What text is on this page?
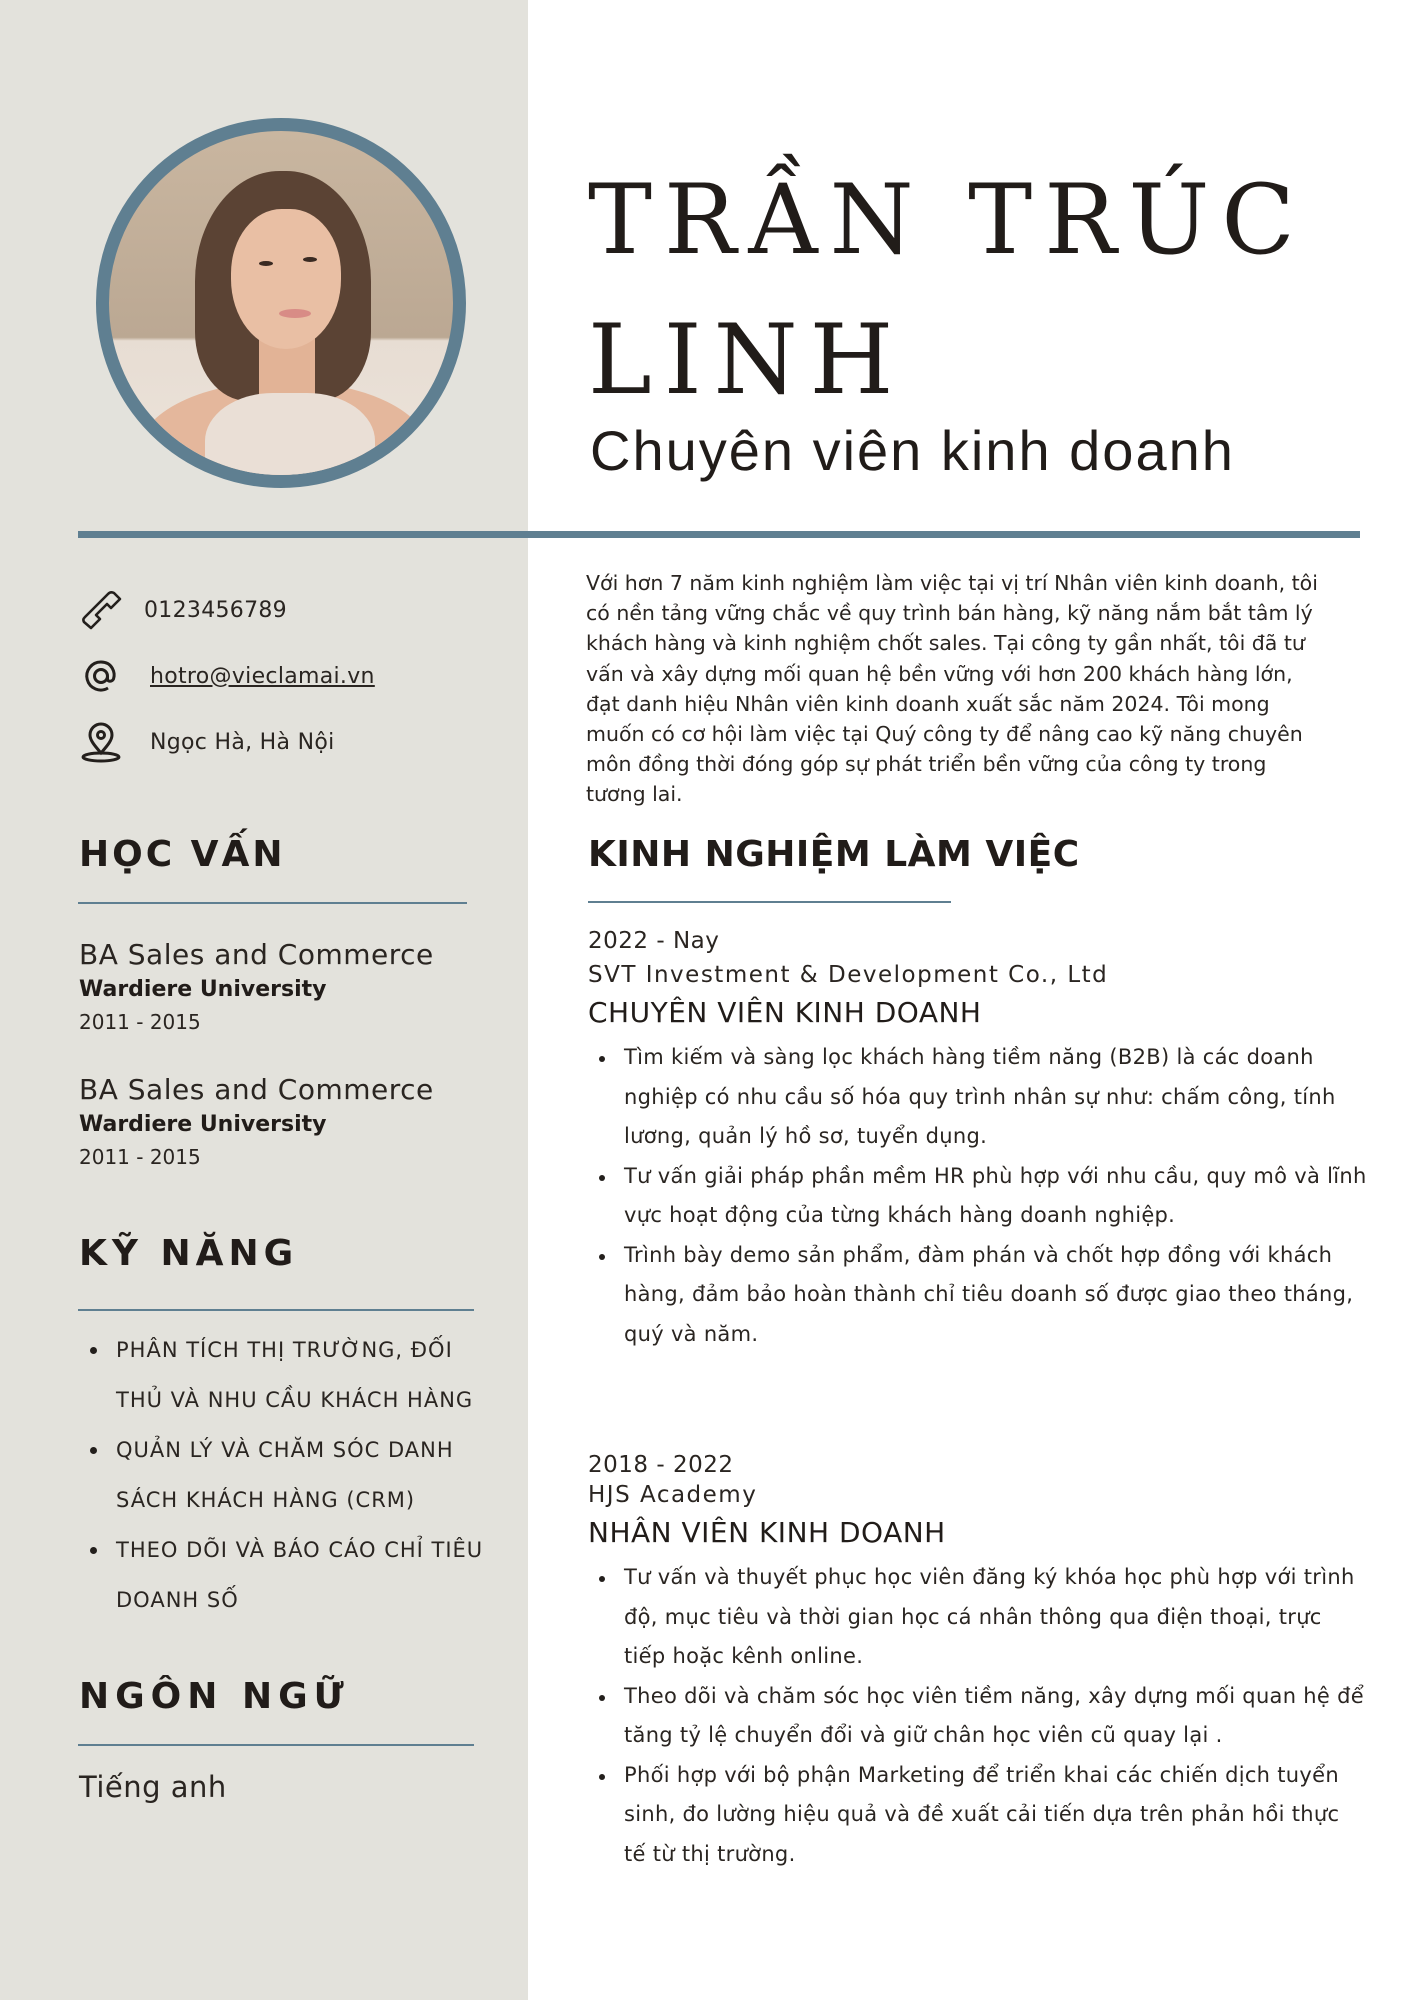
TRẦN TRÚC
LINH
Chuyên viên kinh doanh
0123456789
hotro@vieclamai.vn
Ngọc Hà, Hà Nội
HỌC VẤN
BA Sales and Commerce
Wardiere University
2011 - 2015
BA Sales and Commerce
Wardiere University
2011 - 2015
KỸ NĂNG
PHÂN TÍCH THỊ TRƯỜNG, ĐỐI THỦ VÀ NHU CẦU KHÁCH HÀNG
QUẢN LÝ VÀ CHĂM SÓC DANH SÁCH KHÁCH HÀNG (CRM)
THEO DÕI VÀ BÁO CÁO CHỈ TIÊU DOANH SỐ
NGÔN NGỮ
Tiếng anh

Với hơn 7 năm kinh nghiệm làm việc tại vị trí Nhân viên kinh doanh, tôi có nền tảng vững chắc về quy trình bán hàng, kỹ năng nắm bắt tâm lý khách hàng và kinh nghiệm chốt sales. Tại công ty gần nhất, tôi đã tư vấn và xây dựng mối quan hệ bền vững với hơn 200 khách hàng lớn, đạt danh hiệu Nhân viên kinh doanh xuất sắc năm 2024. Tôi mong muốn có cơ hội làm việc tại Quý công ty để nâng cao kỹ năng chuyên môn đồng thời đóng góp sự phát triển bền vững của công ty trong tương lai.

KINH NGHIỆM LÀM VIỆC
2022 - Nay
SVT Investment & Development Co., Ltd
CHUYÊN VIÊN KINH DOANH
Tìm kiếm và sàng lọc khách hàng tiềm năng (B2B) là các doanh nghiệp có nhu cầu số hóa quy trình nhân sự như: chấm công, tính lương, quản lý hồ sơ, tuyển dụng.
Tư vấn giải pháp phần mềm HR phù hợp với nhu cầu, quy mô và lĩnh vực hoạt động của từng khách hàng doanh nghiệp.
Trình bày demo sản phẩm, đàm phán và chốt hợp đồng với khách hàng, đảm bảo hoàn thành chỉ tiêu doanh số được giao theo tháng, quý và năm.
2018 - 2022
HJS Academy
NHÂN VIÊN KINH DOANH
Tư vấn và thuyết phục học viên đăng ký khóa học phù hợp với trình độ, mục tiêu và thời gian học cá nhân thông qua điện thoại, trực tiếp hoặc kênh online.
Theo dõi và chăm sóc học viên tiềm năng, xây dựng mối quan hệ để tăng tỷ lệ chuyển đổi và giữ chân học viên cũ quay lại .
Phối hợp với bộ phận Marketing để triển khai các chiến dịch tuyển sinh, đo lường hiệu quả và đề xuất cải tiến dựa trên phản hồi thực tế từ thị trường.
